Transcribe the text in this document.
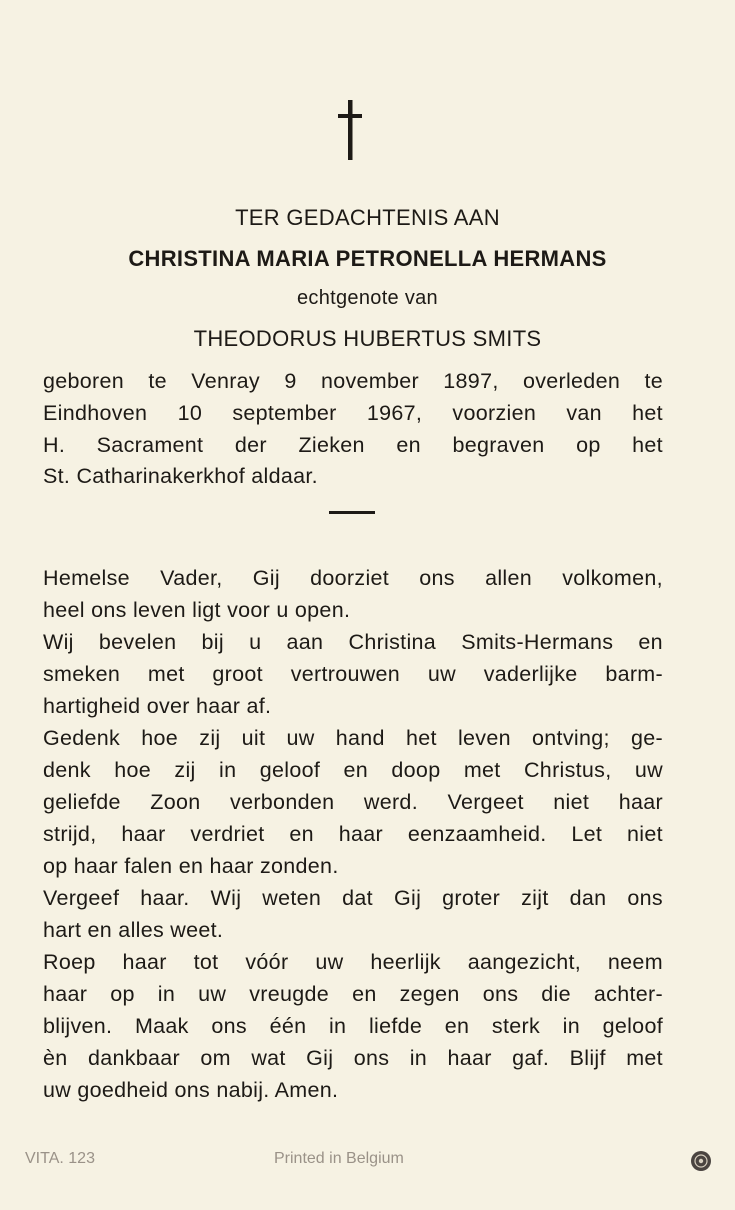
TER GEDACHTENIS AAN
CHRISTINA MARIA PETRONELLA HERMANS
echtgenote van
THEODORUS HUBERTUS SMITS
geboren te Venray 9 november 1897, overleden te
Eindhoven 10 september 1967, voorzien van het
H. Sacrament der Zieken en begraven op het
St. Catharinakerkhof aldaar.
Hemelse Vader, Gij doorziet ons allen volkomen,
heel ons leven ligt voor u open.
Wij bevelen bij u aan Christina Smits-Hermans en
smeken met groot vertrouwen uw vaderlijke barm-
hartigheid over haar af.
Gedenk hoe zij uit uw hand het leven ontving; ge-
denk hoe zij in geloof en doop met Christus, uw
geliefde Zoon verbonden werd. Vergeet niet haar
strijd, haar verdriet en haar eenzaamheid. Let niet
op haar falen en haar zonden.
Vergeef haar. Wij weten dat Gij groter zijt dan ons
hart en alles weet.
Roep haar tot vóór uw heerlijk aangezicht, neem
haar op in uw vreugde en zegen ons die achter-
blijven. Maak ons één in liefde en sterk in geloof
èn dankbaar om wat Gij ons in haar gaf. Blijf met
uw goedheid ons nabij. Amen.
VITA. 123	Printed in Belgium
